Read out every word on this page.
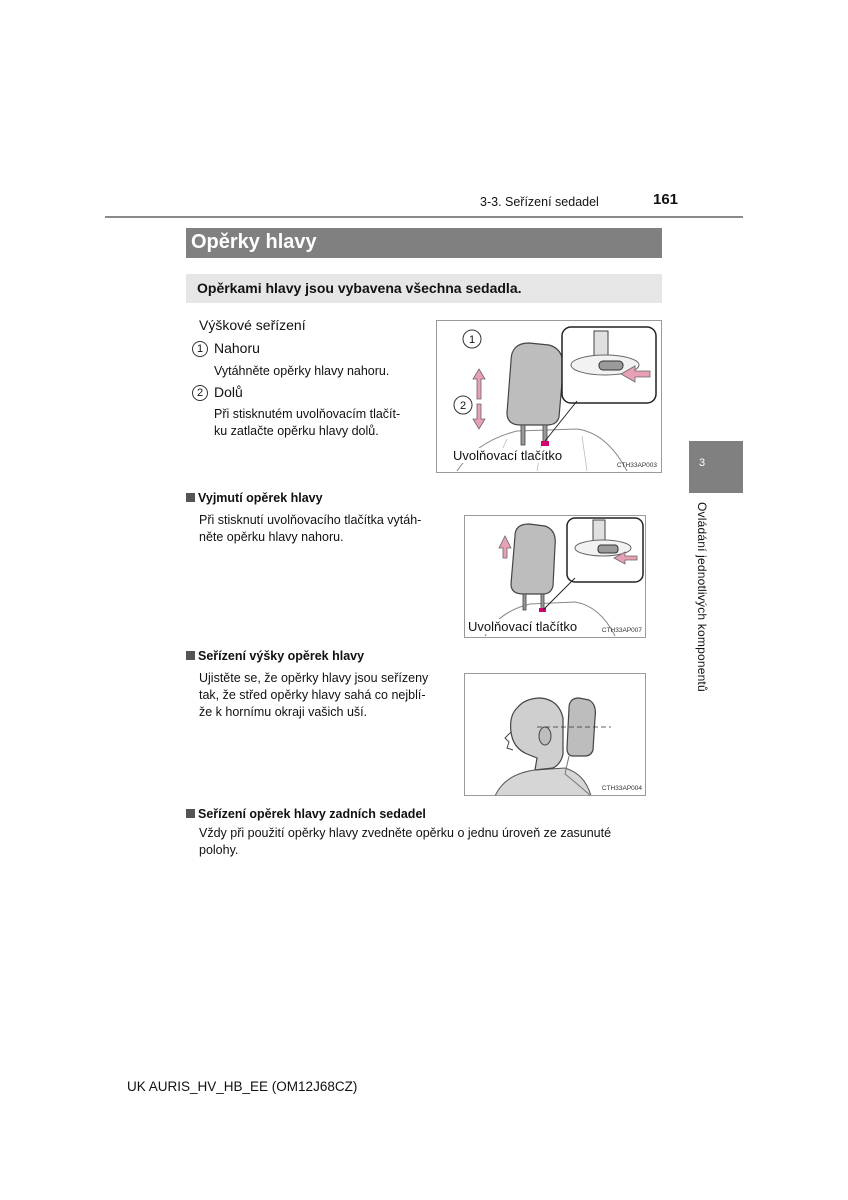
3-3. Seřízení sedadel	161
Opěrky hlavy
Opěrkami hlavy jsou vybavena všechna sedadla.
Výškové seřízení
1 Nahoru
Vytáhněte opěrky hlavy nahoru.
2 Dolů
Při stisknutém uvolňovacím tlačít-
ku zatlačte opěrku hlavy dolů.
1
2
Uvolňovací tlačítko
CTH33AP003
Vyjmutí opěrek hlavy
Při stisknutí uvolňovacího tlačítka vytáh-
něte opěrku hlavy nahoru.
Uvolňovací tlačítko	CTH33AP007
Seřízení výšky opěrek hlavy
Ujistěte se, že opěrky hlavy jsou seřízeny
tak, že střed opěrky hlavy sahá co nejblí-
že k hornímu okraji vašich uší.
CTH33AP004
Seřízení opěrek hlavy zadních sedadel
Vždy při použití opěrky hlavy zvedněte opěrku o jednu úroveň ze zasunuté
polohy.
3
Ovládání jednotlivých komponentů
UK AURIS_HV_HB_EE (OM12J68CZ)
